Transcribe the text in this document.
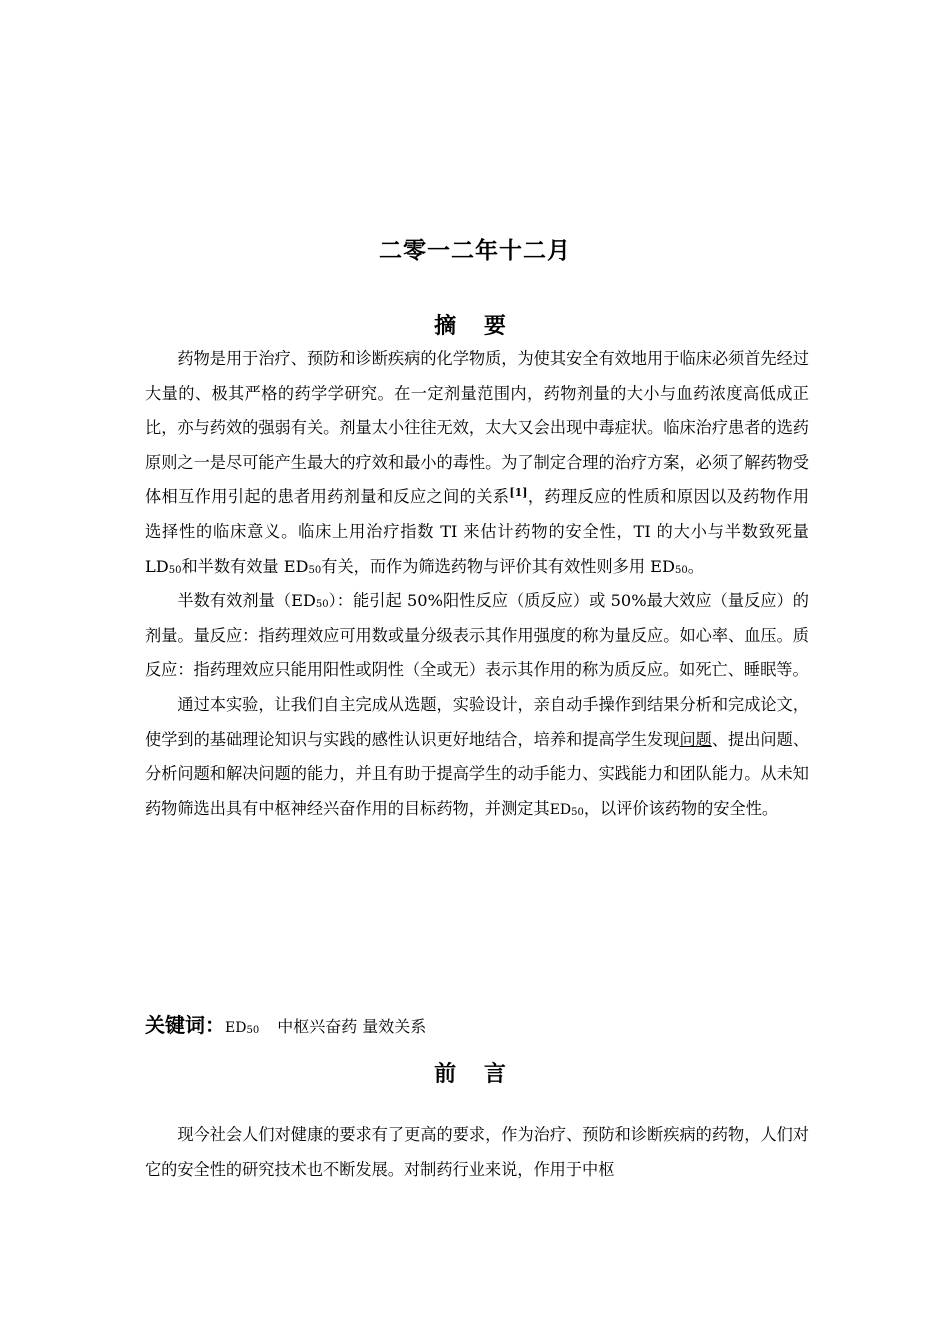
二零一二年十二月
摘 要

药物是用于治疗、预防和诊断疾病的化学物质，为使其安全有效地用于临床必须首先经过大量的、极其严格的药学学研究。在一定剂量范围内，药物剂量的大小与血药浓度高低成正比，亦与药效的强弱有关。剂量太小往往无效，太大又会出现中毒症状。临床治疗患者的选药原则之一是尽可能产生最大的疗效和最小的毒性。为了制定合理的治疗方案，必须了解药物受体相互作用引起的患者用药剂量和反应之间的关系[1]，药理反应的性质和原因以及药物作用选择性的临床意义。临床上用治疗指数 TI 来估计药物的安全性，TI 的大小与半数致死量 $LD_{50}$和半数有效量 $ED_{50}$有关，而作为筛选药物与评价其有效性则多用 $ED_{50}$。

半数有效剂量$(ED_{50})$：能引起 50%阳性反应（质反应）或 50%最大效应（量反应）的剂量。量反应：指药理效应可用数或量分级表示其作用强度的称为量反应。如心率、血压。质反应：指药理效应只能用阳性或阴性（全或无）表示其作用的称为质反应。如死亡、睡眠等。

通过本实验，让我们自主完成从选题，实验设计，亲自动手操作到结果分析和完成论文，使学到的基础理论知识与实践的感性认识更好地结合，培养和提高学生发现问题、提出问题、分析问题和解决问题的能力，并且有助于提高学生的动手能力、实践能力和团队能力。从未知药物筛选出具有中枢神经兴奋作用的目标药物，并测定其$ED_{50}$，以评价该药物的安全性。

关键词：$ED_{50}$ 中枢兴奋药 量效关系
前 言

现今社会人们对健康的要求有了更高的要求，作为治疗、预防和诊断疾病的药物，人们对它的安全性的研究技术也不断发展。对制药行业来说，作用于中枢
